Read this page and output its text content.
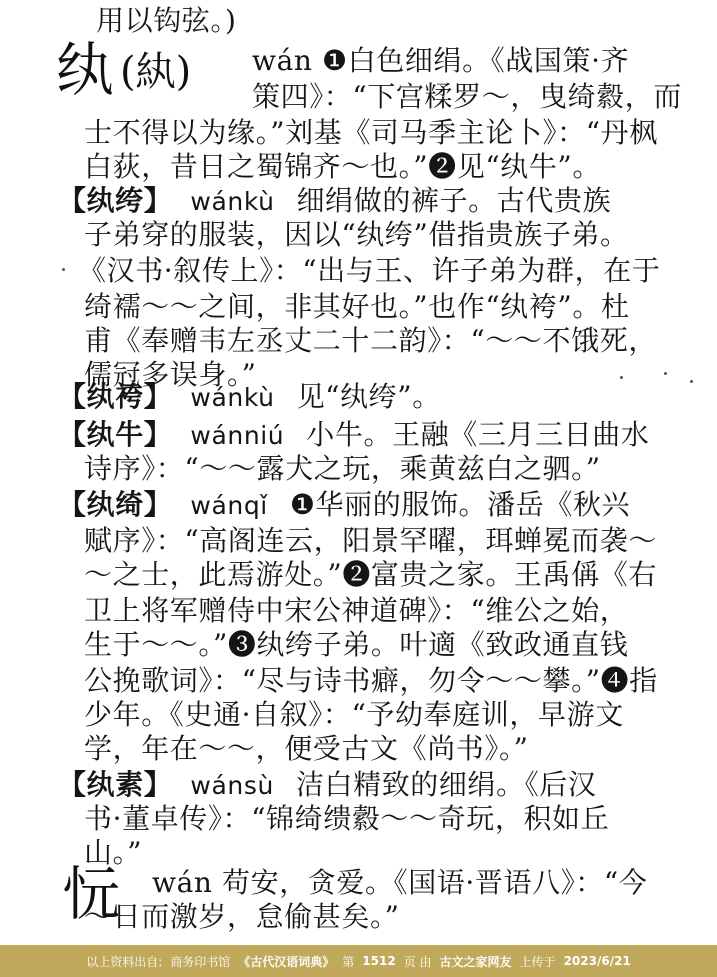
用以钩弦。)
纨 (紈) wán ❶白色细绢。《战国策·齐
策四》：“下宫糅罗～，曳绮縠，而
士不得以为缘。”刘基《司马季主论卜》：“丹枫
白荻，昔日之蜀锦齐～也。”❷见“纨牛”。
【纨绔】 wánkù 细绢做的裤子。古代贵族
子弟穿的服装，因以“纨绔”借指贵族子弟。
《汉书·叙传上》：“出与王、许子弟为群，在于
绮襦～～之间，非其好也。”也作“纨袴”。杜
甫《奉赠韦左丞丈二十二韵》：“～～不饿死，
儒冠多误身。”
【纨袴】 wánkù 见“纨绔”。
【纨牛】 wánniú 小牛。王融《三月三日曲水
诗序》：“～～露犬之玩，乘黄兹白之驷。”
【纨绮】 wánqǐ ❶华丽的服饰。潘岳《秋兴
赋序》：“高阁连云，阳景罕曜，珥蝉冕而袭～
～之士，此焉游处。”❷富贵之家。王禹偁《右
卫上将军赠侍中宋公神道碑》：“维公之始，
生于～～。”❸纨绔子弟。叶適《致政通直钱
公挽歌词》：“尽与诗书癖，勿令～～攀。”❹指
少年。《史通·自叙》：“予幼奉庭训，早游文
学，年在～～，便受古文《尚书》。”
【纨素】 wánsù 洁白精致的细绢。《后汉
书·董卓传》：“锦绮缋縠～～奇玩，积如丘
山。”
忨 wán 苟安，贪爱。《国语·晋语八》：“今
～日而激岁，怠偷甚矣。”
以上资料出自: 商务印书馆 《古代汉语词典》 第 1512 页 由 古文之家网友 上传于 2023/6/21
